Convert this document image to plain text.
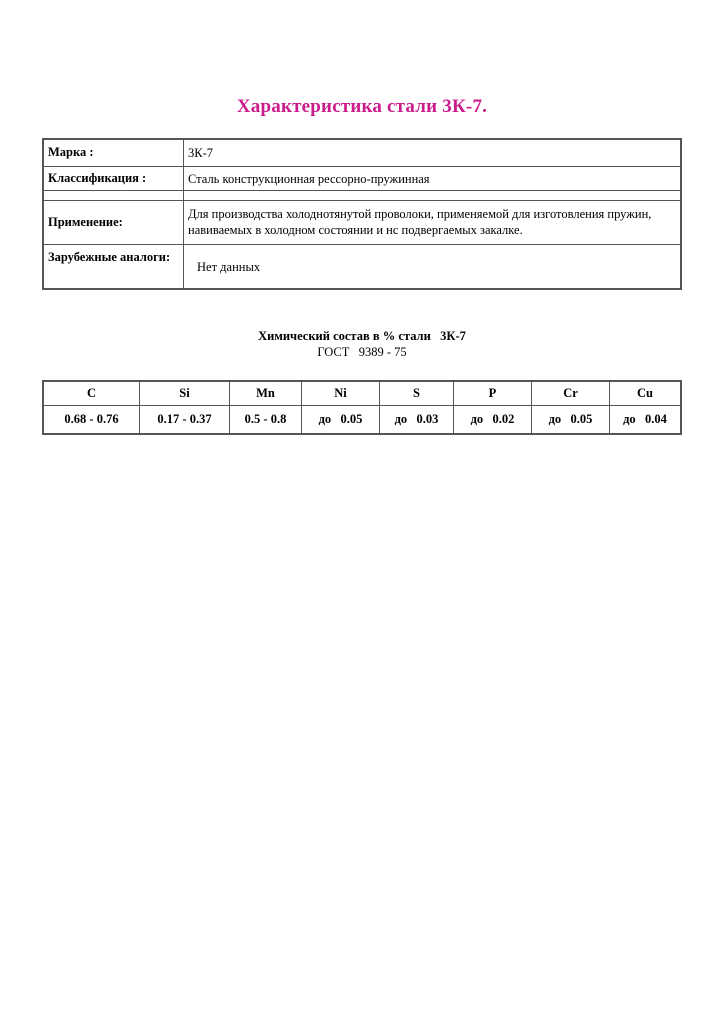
Характеристика стали 3К-7.
Марка :	3К-7
Классификация :	Сталь конструкционная рессорно-пружинная
Применение:
Для производства холоднотянутой проволоки, применяемой для изготовления пружин, навиваемых в холодном состоянии и нс подвергаемых закалке.
Зарубежные аналоги:
Нет данных
Химический состав в % стали   3К-7
ГОСТ   9389 - 75
C	Si	Mn	Ni	S	P	Cr	Cu
0.68 - 0.76	0.17 - 0.37	0.5 - 0.8	до   0.05	до   0.03	до   0.02	до   0.05	до   0.04
